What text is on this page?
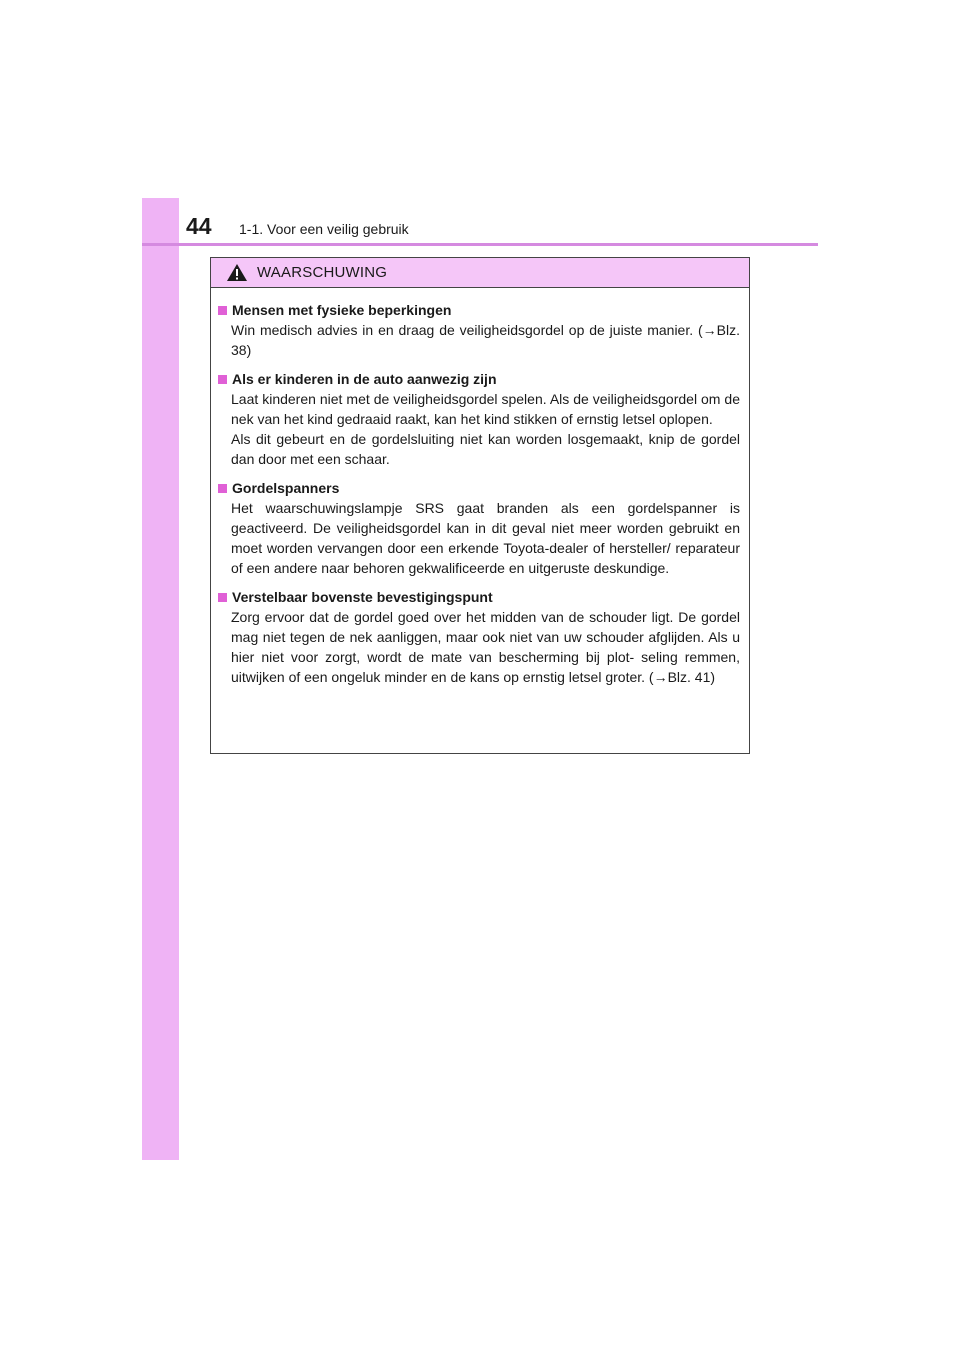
44 1-1. Voor een veilig gebruik
WAARSCHUWING
Mensen met fysieke beperkingen

Win medisch advies in en draag de veiligheidsgordel op de juiste manier. (→Blz. 38)

Als er kinderen in de auto aanwezig zijn

Laat kinderen niet met de veiligheidsgordel spelen. Als de veiligheidsgordel om de nek van het kind gedraaid raakt, kan het kind stikken of ernstig letsel oplopen.

Als dit gebeurt en de gordelsluiting niet kan worden losgemaakt, knip de gordel dan door met een schaar.

Gordelspanners

Het waarschuwingslampje SRS gaat branden als een gordelspanner is geactiveerd. De veiligheidsgordel kan in dit geval niet meer worden gebruikt en moet worden vervangen door een erkende Toyota-dealer of hersteller/ reparateur of een andere naar behoren gekwalificeerde en uitgeruste deskundige.

Verstelbaar bovenste bevestigingspunt

Zorg ervoor dat de gordel goed over het midden van de schouder ligt. De gordel mag niet tegen de nek aanliggen, maar ook niet van uw schouder afglijden. Als u hier niet voor zorgt, wordt de mate van bescherming bij plot- seling remmen, uitwijken of een ongeluk minder en de kans op ernstig letsel groter. (→Blz. 41)
